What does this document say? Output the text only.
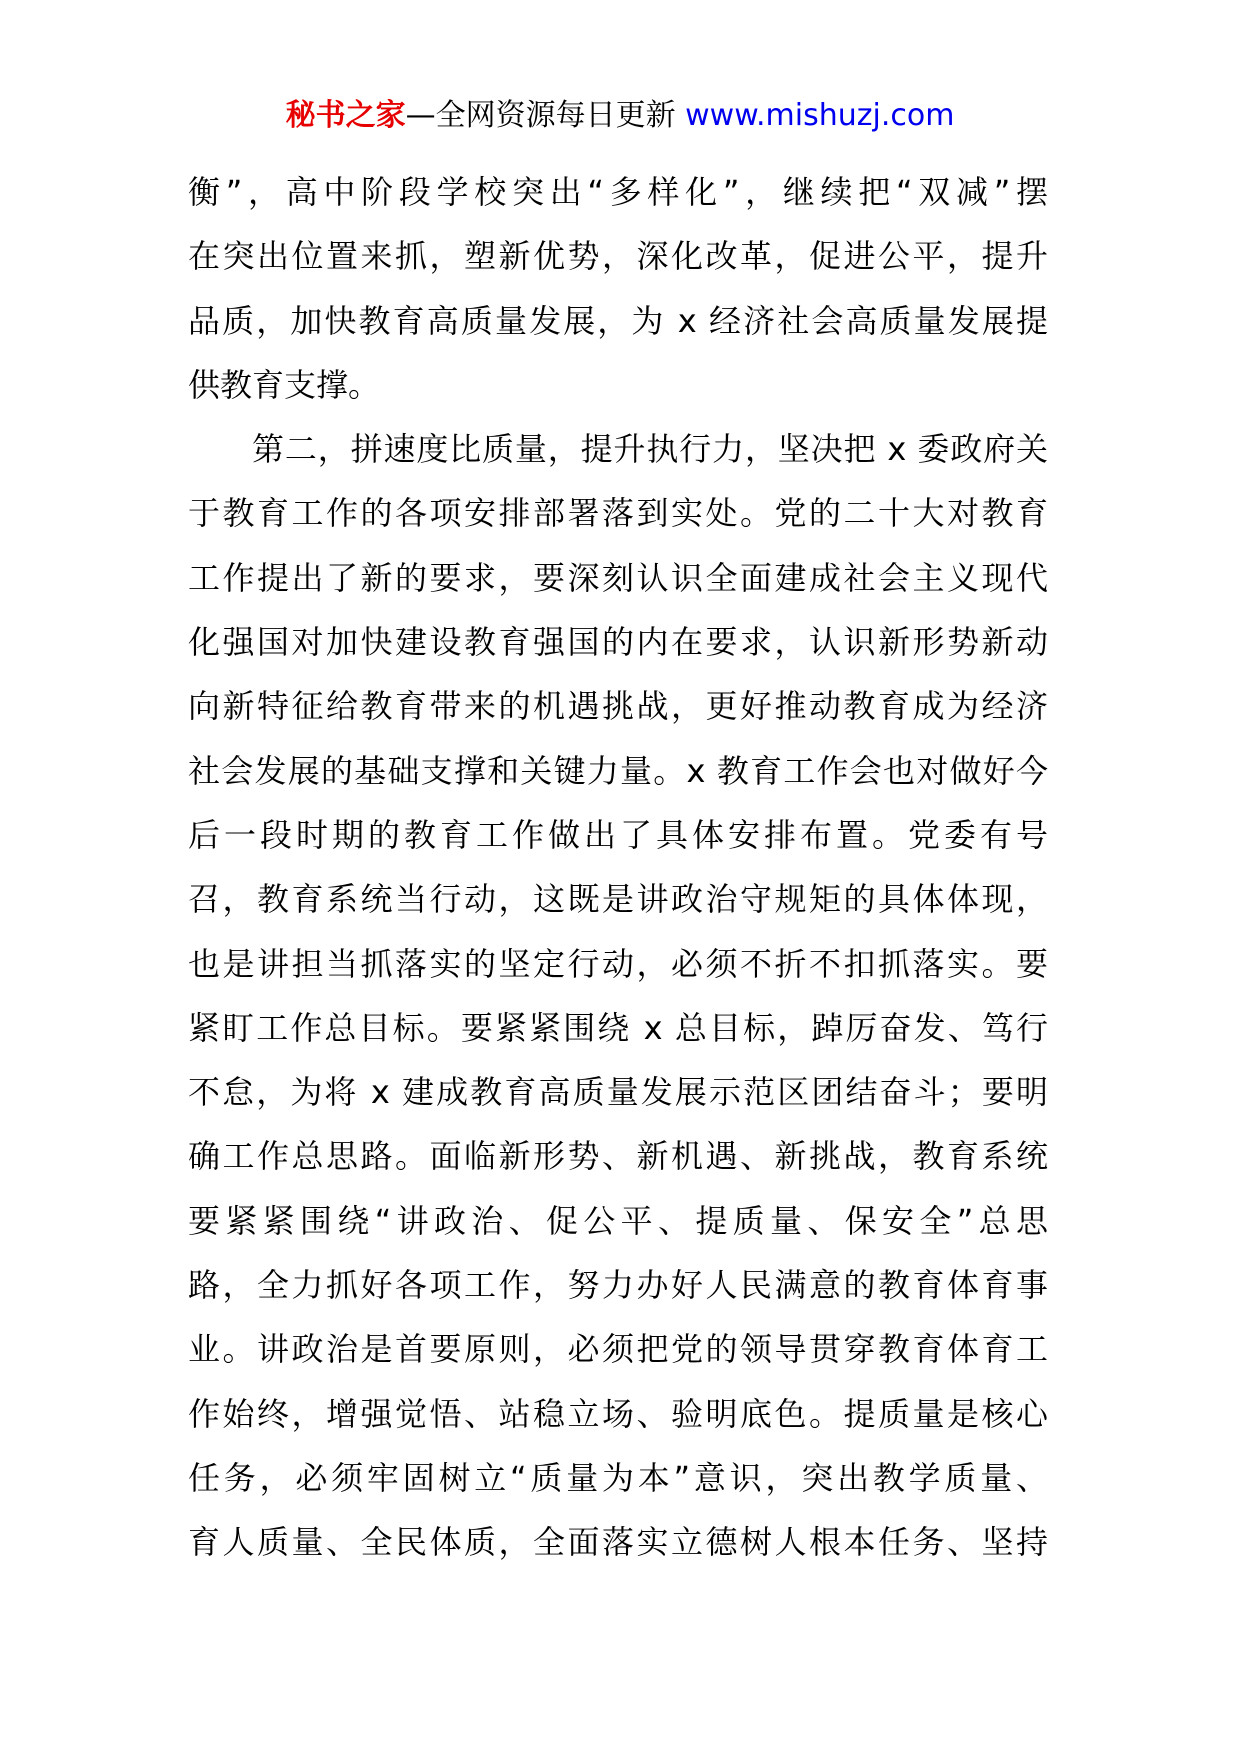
秘书之家—全网资源每日更新 www.mishuzj.com
衡”，高中阶段学校突出“多样化”，继续把“双减”摆
在突出位置来抓，塑新优势，深化改革，促进公平，提升
品质，加快教育高质量发展，为 x 经济社会高质量发展提
供教育支撑。
第二，拼速度比质量，提升执行力，坚决把 x 委政府关
于教育工作的各项安排部署落到实处。党的二十大对教育
工作提出了新的要求，要深刻认识全面建成社会主义现代
化强国对加快建设教育强国的内在要求，认识新形势新动
向新特征给教育带来的机遇挑战，更好推动教育成为经济
社会发展的基础支撑和关键力量。x 教育工作会也对做好今
后一段时期的教育工作做出了具体安排布置。党委有号
召，教育系统当行动，这既是讲政治守规矩的具体体现，
也是讲担当抓落实的坚定行动，必须不折不扣抓落实。要
紧盯工作总目标。要紧紧围绕 x 总目标，踔厉奋发、笃行
不怠，为将 x 建成教育高质量发展示范区团结奋斗；要明
确工作总思路。面临新形势、新机遇、新挑战，教育系统
要紧紧围绕“讲政治、促公平、提质量、保安全”总思
路，全力抓好各项工作，努力办好人民满意的教育体育事
业。讲政治是首要原则，必须把党的领导贯穿教育体育工
作始终，增强觉悟、站稳立场、验明底色。提质量是核心
任务，必须牢固树立“质量为本”意识，突出教学质量、
育人质量、全民体质，全面落实立德树人根本任务、坚持
